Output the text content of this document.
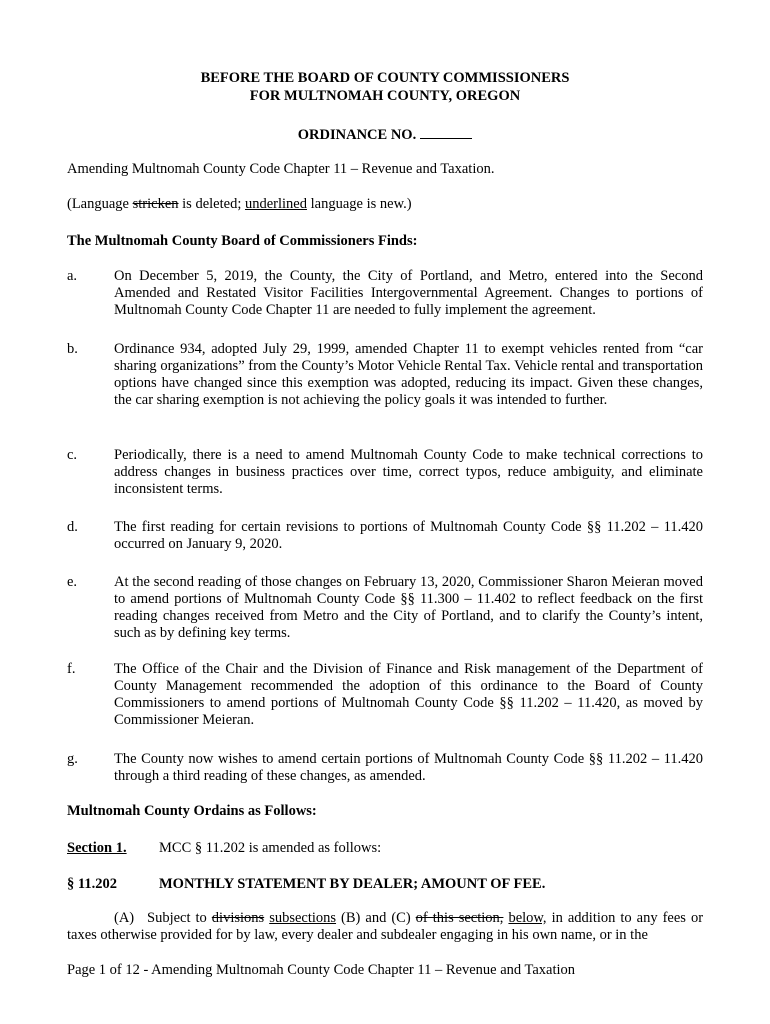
BEFORE THE BOARD OF COUNTY COMMISSIONERS
FOR MULTNOMAH COUNTY, OREGON
ORDINANCE NO.
Amending Multnomah County Code Chapter 11 – Revenue and Taxation.
(Language stricken is deleted; underlined language is new.)
The Multnomah County Board of Commissioners Finds:
a.	On December 5, 2019, the County, the City of Portland, and Metro, entered into the Second Amended and Restated Visitor Facilities Intergovernmental Agreement. Changes to portions of Multnomah County Code Chapter 11 are needed to fully implement the agreement.
b. Ordinance 934, adopted July 29, 1999, amended Chapter 11 to exempt vehicles rented from “car sharing organizations” from the County’s Motor Vehicle Rental Tax. Vehicle rental and transportation options have changed since this exemption was adopted, reducing its impact. Given these changes, the car sharing exemption is not achieving the policy goals it was intended to further.
c.	Periodically, there is a need to amend Multnomah County Code to make technical corrections to address changes in business practices over time, correct typos, reduce ambiguity, and eliminate inconsistent terms.
d. The first reading for certain revisions to portions of Multnomah County Code §§ 11.202 – 11.420 occurred on January 9, 2020.
e.	At the second reading of those changes on February 13, 2020, Commissioner Sharon Meieran moved to amend portions of Multnomah County Code §§ 11.300 – 11.402 to reflect feedback on the first reading changes received from Metro and the City of Portland, and to clarify the County’s intent, such as by defining key terms.
f.	The Office of the Chair and the Division of Finance and Risk management of the Department of County Management recommended the adoption of this ordinance to the Board of County Commissioners to amend portions of Multnomah County Code §§ 11.202 – 11.420, as moved by Commissioner Meieran.
g. The County now wishes to amend certain portions of Multnomah County Code §§ 11.202 – 11.420 through a third reading of these changes, as amended.
Multnomah County Ordains as Follows:
Section 1. MCC § 11.202 is amended as follows:
§ 11.202	MONTHLY STATEMENT BY DEALER; AMOUNT OF FEE.
(A) Subject to divisions subsections (B) and (C) of this section, below, in addition to any fees or taxes otherwise provided for by law, every dealer and subdealer engaging in his own name, or in the
Page 1 of 12 - Amending Multnomah County Code Chapter 11 – Revenue and Taxation
